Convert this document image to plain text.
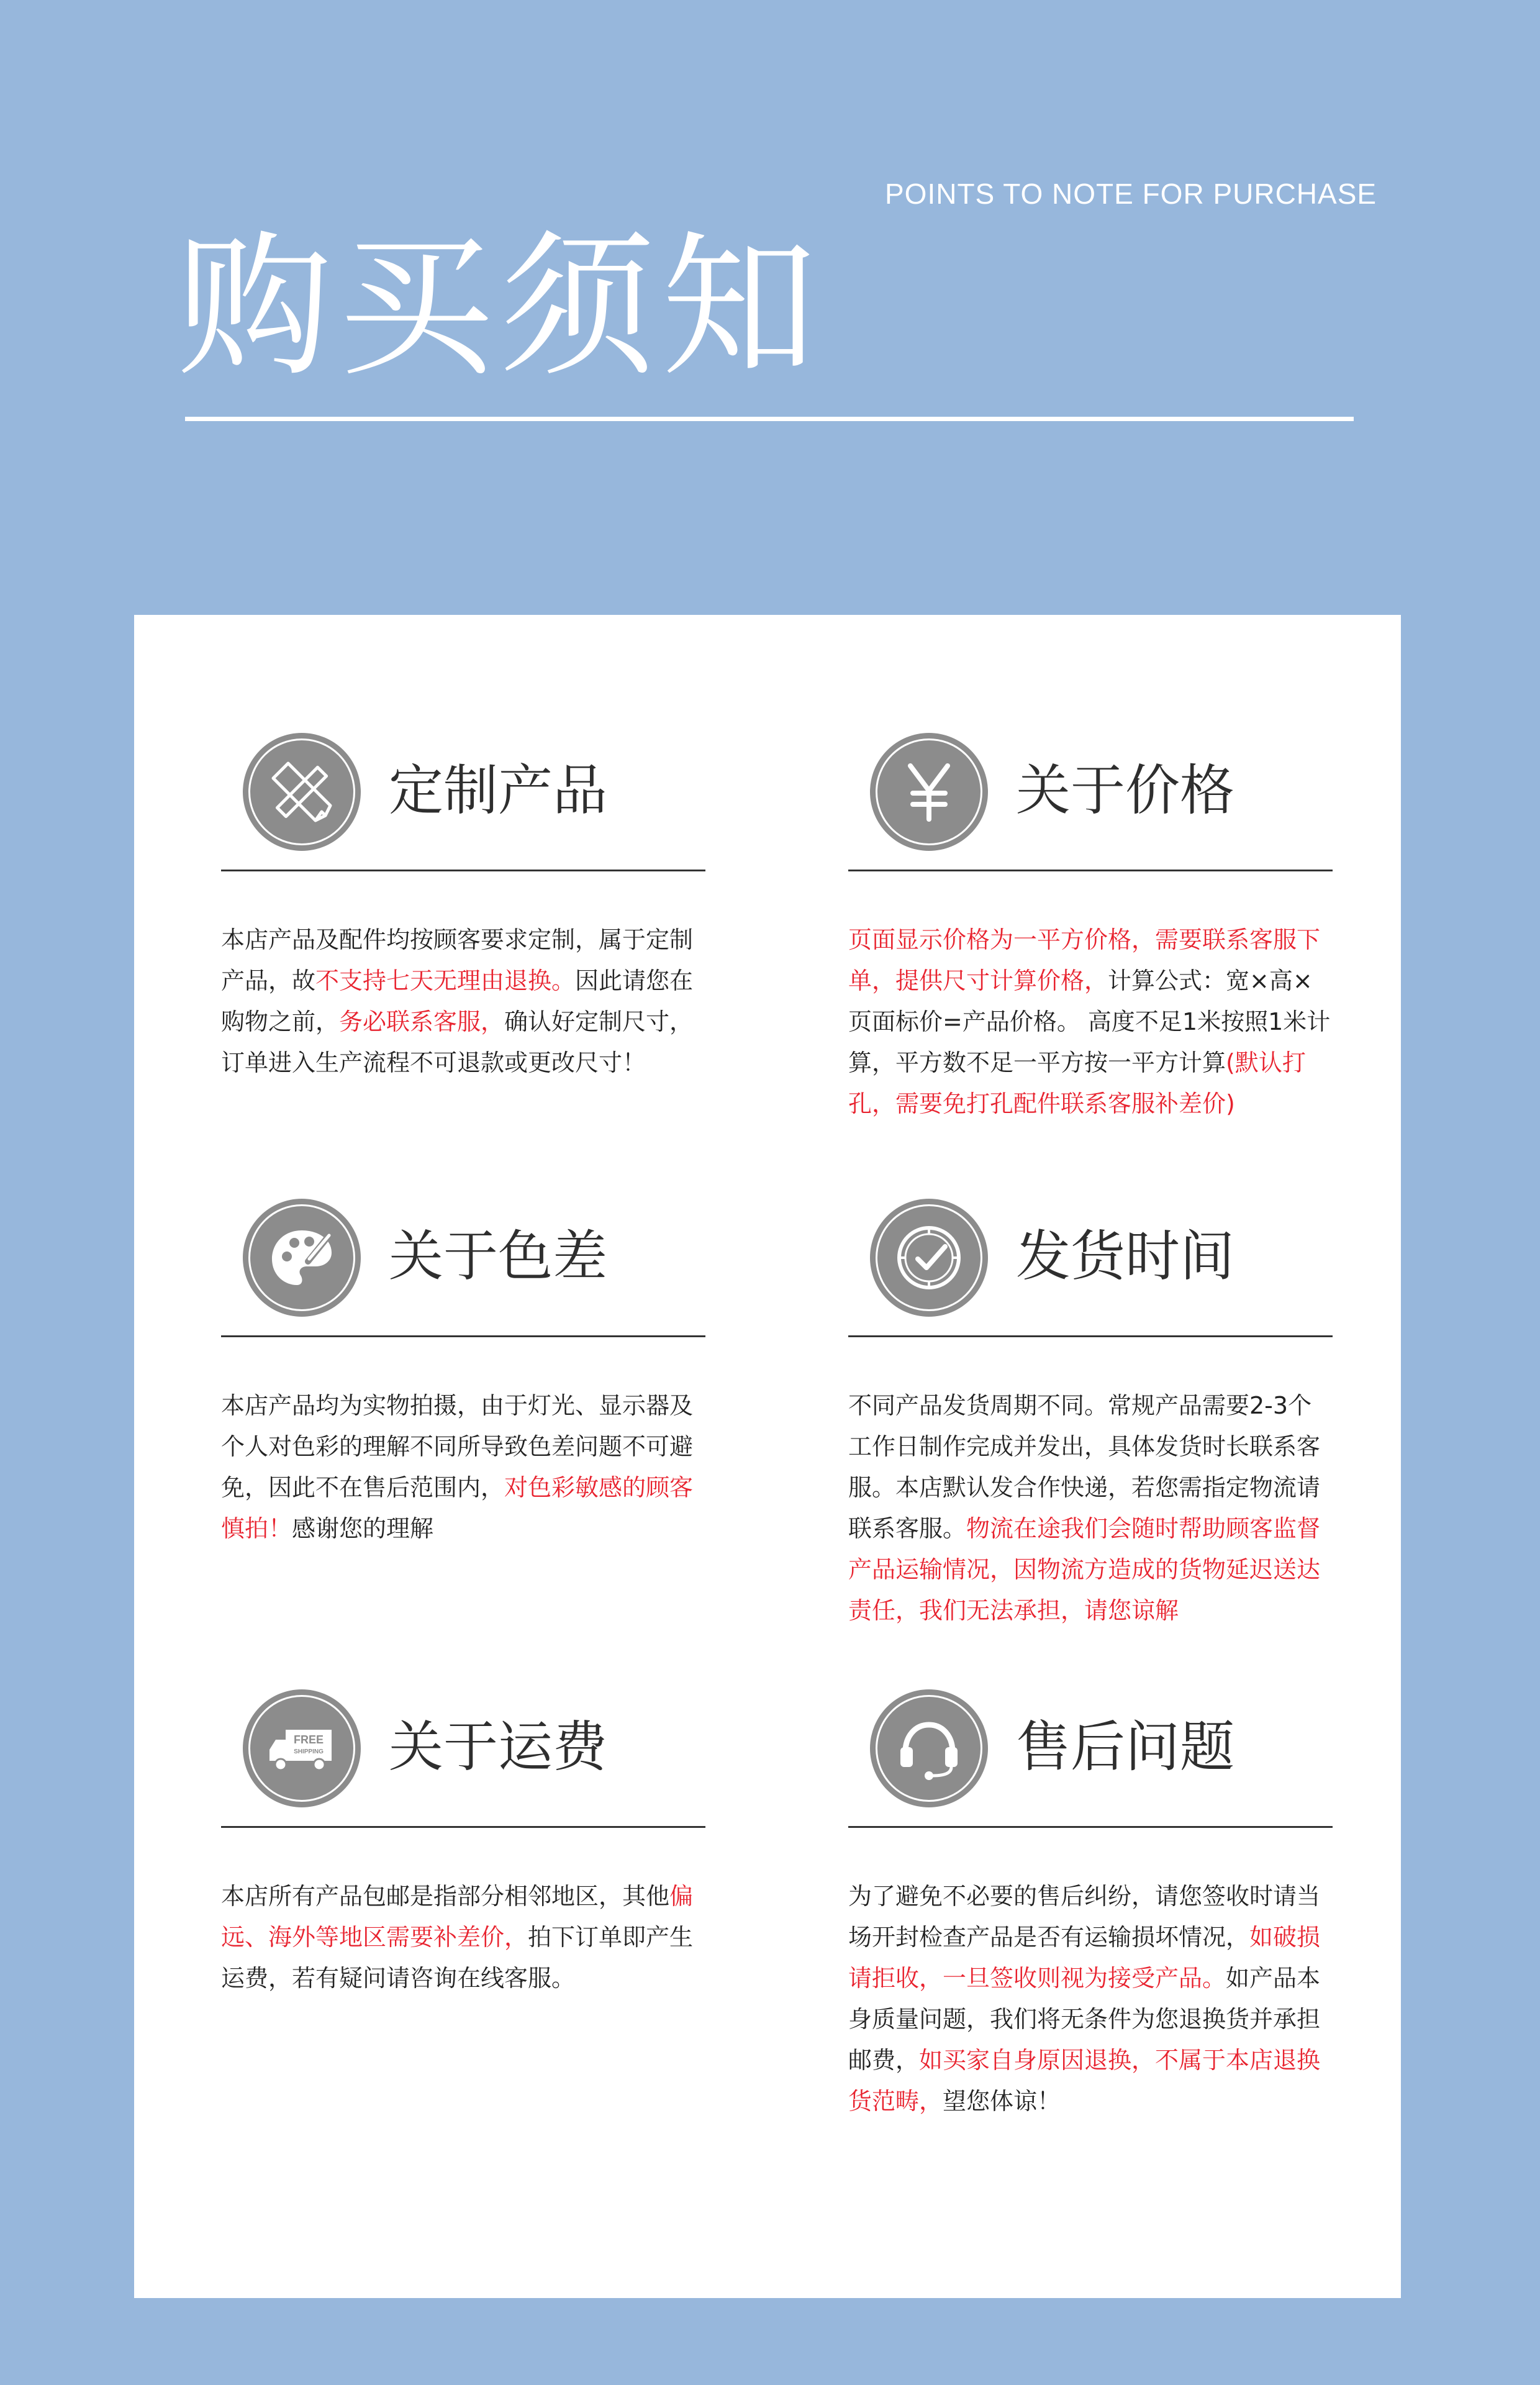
POINTS TO NOTE FOR PURCHASE
购买须知
定制产品
本店产品及配件均按顾客要求定制，属于定制产品，故不支持七天无理由退换。因此请您在购物之前，务必联系客服，确认好定制尺寸，订单进入生产流程不可退款或更改尺寸！
关于价格
页面显示价格为一平方价格，需要联系客服下单，提供尺寸计算价格，计算公式：宽×高×页面标价=产品价格。 高度不足1米按照1米计算，平方数不足一平方按一平方计算(默认打孔，需要免打孔配件联系客服补差价)
关于色差
本店产品均为实物拍摄，由于灯光、显示器及个人对色彩的理解不同所导致色差问题不可避免，因此不在售后范围内，对色彩敏感的顾客慎拍！感谢您的理解
发货时间
不同产品发货周期不同。常规产品需要2-3个工作日制作完成并发出，具体发货时长联系客服。本店默认发合作快递，若您需指定物流请联系客服。物流在途我们会随时帮助顾客监督产品运输情况，因物流方造成的货物延迟送达责任，我们无法承担，请您谅解
FREE
SHIPPING 关于运费
本店所有产品包邮是指部分相邻地区，其他偏远、海外等地区需要补差价，拍下订单即产生运费，若有疑问请咨询在线客服。
售后问题
为了避免不必要的售后纠纷，请您签收时请当场开封检查产品是否有运输损坏情况，如破损请拒收，一旦签收则视为接受产品。如产品本身质量问题，我们将无条件为您退换货并承担邮费，如买家自身原因退换，不属于本店退换货范畴，望您体谅！
